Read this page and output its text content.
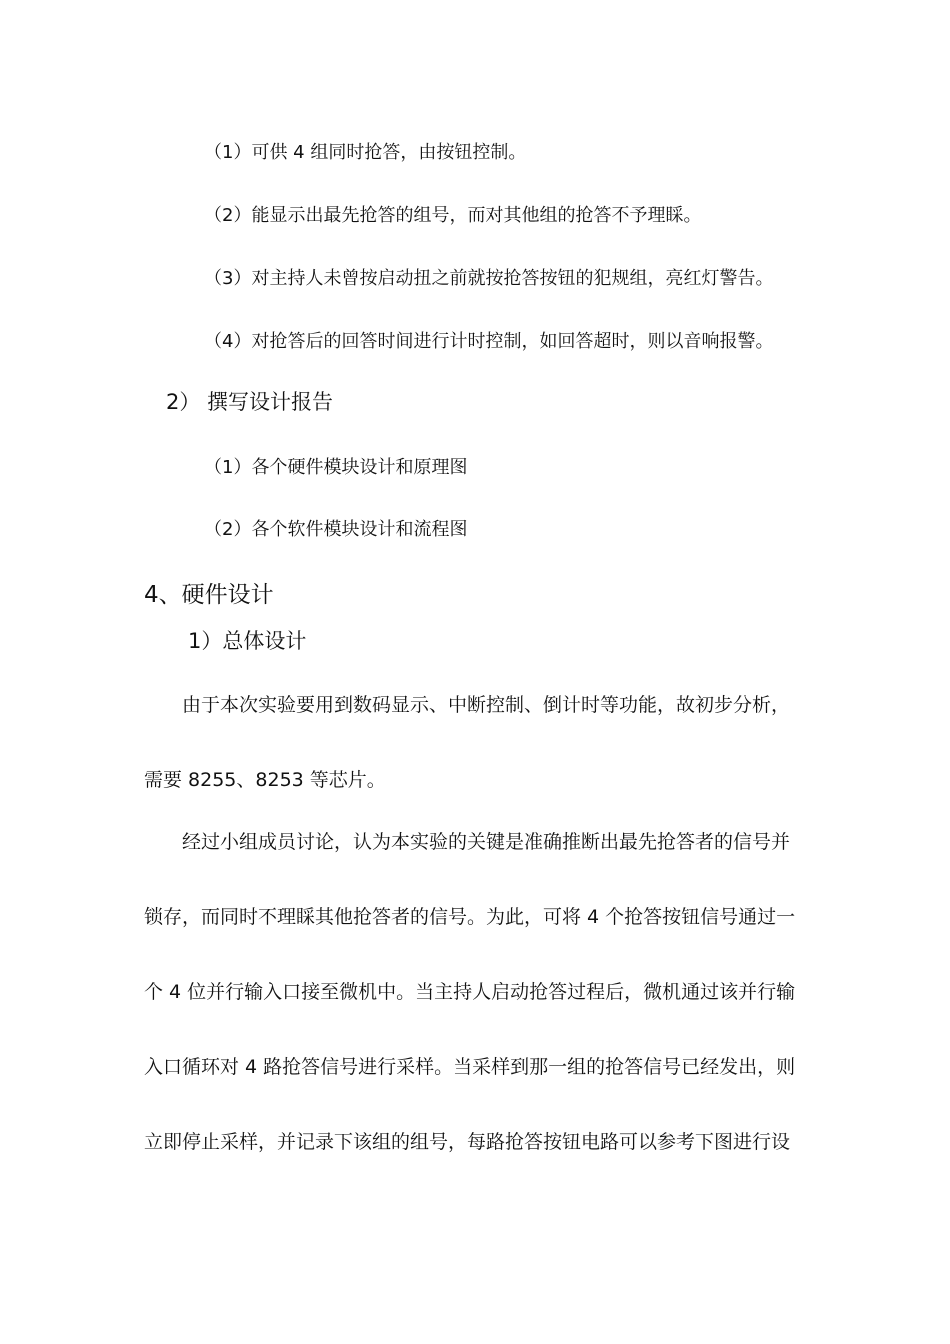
（1）可供 4 组同时抢答，由按钮控制。

（2）能显示出最先抢答的组号，而对其他组的抢答不予理睬。

（3）对主持人未曾按启动扭之前就按抢答按钮的犯规组，亮红灯警告。

（4）对抢答后的回答时间进行计时控制，如回答超时，则以音响报警。

2） 撰写设计报告

（1）各个硬件模块设计和原理图

（2）各个软件模块设计和流程图

4、硬件设计

1）总体设计

由于本次实验要用到数码显示、中断控制、倒计时等功能，故初步分析，

需要 8255、8253 等芯片。

经过小组成员讨论，认为本实验的关键是准确推断出最先抢答者的信号并

锁存，而同时不理睬其他抢答者的信号。为此，可将 4 个抢答按钮信号通过一

个 4 位并行输入口接至微机中。当主持人启动抢答过程后，微机通过该并行输

入口循环对 4 路抢答信号进行采样。当采样到那一组的抢答信号已经发出，则

立即停止采样，并记录下该组的组号，每路抢答按钮电路可以参考下图进行设
